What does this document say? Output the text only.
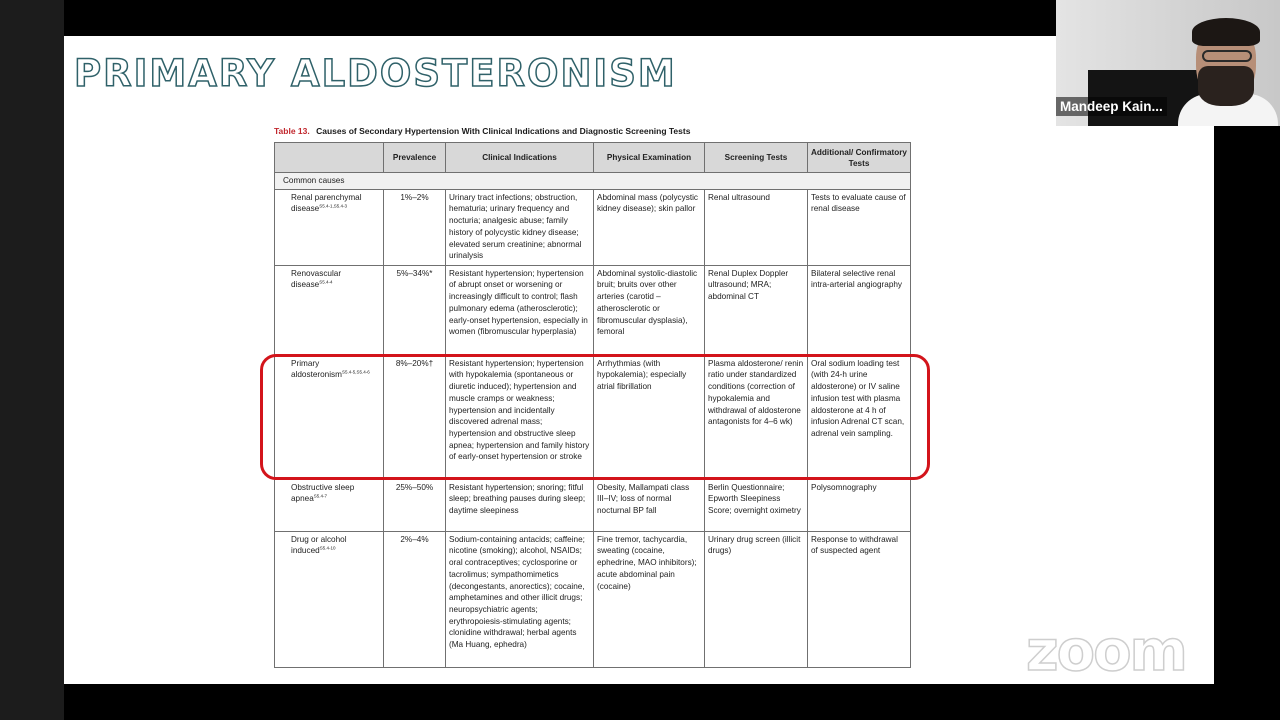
PRIMARY ALDOSTERONISM
Table 13. Causes of Secondary Hypertension With Clinical Indications and Diagnostic Screening Tests
	Prevalence	Clinical Indications	Physical Examination	Screening Tests	Additional/ Confirmatory Tests
Common causes					
Renal parenchymal disease$^{S5.4-1,S5.4-3}$	1%–2%	Urinary tract infections; obstruction, hematuria; urinary frequency and nocturia; analgesic abuse; family history of polycystic kidney disease; elevated serum creatinine; abnormal urinalysis	Abdominal mass (polycystic kidney disease); skin pallor	Renal ultrasound	Tests to evaluate cause of renal disease
Renovascular disease$^{S5.4-4}$	5%–34%*	Resistant hypertension; hypertension of abrupt onset or worsening or increasingly difficult to control; flash pulmonary edema (atherosclerotic); early-onset hypertension, especially in women (fibromuscular hyperplasia)	Abdominal systolic-diastolic bruit; bruits over other arteries (carotid – atherosclerotic or fibromuscular dysplasia), femoral	Renal Duplex Doppler ultrasound; MRA; abdominal CT	Bilateral selective renal intra-arterial angiography
Primary aldosteronism$^{S5.4-5,S5.4-6}$	8%–20%†	Resistant hypertension; hypertension with hypokalemia (spontaneous or diuretic induced); hypertension and muscle cramps or weakness; hypertension and incidentally discovered adrenal mass; hypertension and obstructive sleep apnea; hypertension and family history of early-onset hypertension or stroke	Arrhythmias (with hypokalemia); especially atrial fibrillation	Plasma aldosterone/ renin ratio under standardized conditions (correction of hypokalemia and withdrawal of aldosterone antagonists for 4–6 wk)	Oral sodium loading test (with 24-h urine aldosterone) or IV saline infusion test with plasma aldosterone at 4 h of infusion Adrenal CT scan, adrenal vein sampling.
Obstructive sleep apnea$^{S5.4-7}$	25%–50%	Resistant hypertension; snoring; fitful sleep; breathing pauses during sleep; daytime sleepiness	Obesity, Mallampati class III–IV; loss of normal nocturnal BP fall	Berlin Questionnaire; Epworth Sleepiness Score; overnight oximetry	Polysomnography
Drug or alcohol induced$^{S5.4-10}$	2%–4%	Sodium-containing antacids; caffeine; nicotine (smoking); alcohol, NSAIDs; oral contraceptives; cyclosporine or tacrolimus; sympathomimetics (decongestants, anorectics); cocaine, amphetamines and other illicit drugs; neuropsychiatric agents; erythropoiesis-stimulating agents; clonidine withdrawal; herbal agents (Ma Huang, ephedra)	Fine tremor, tachycardia, sweating (cocaine, ephedrine, MAO inhibitors); acute abdominal pain (cocaine)	Urinary drug screen (illicit drugs)	Response to withdrawal of suspected agent
Mandeep Kain...
zoom
